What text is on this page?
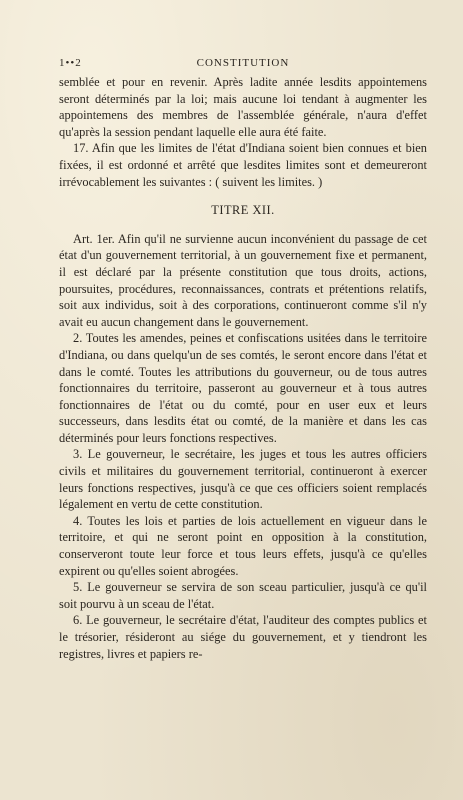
1••2	CONSTITUTION

semblée et pour en revenir. Après ladite année lesdits appointemens seront déterminés par la loi; mais aucune loi tendant à augmenter les appointemens des membres de l'assemblée générale, n'aura d'effet qu'après la session pendant laquelle elle aura été faite.

17. Afin que les limites de l'état d'Indiana soient bien connues et bien fixées, il est ordonné et arrêté que lesdites limites sont et demeureront irrévocablement les suivantes : ( suivent les limites. )

TITRE XII.

Art. 1er. Afin qu'il ne survienne aucun inconvénient du passage de cet état d'un gouvernement territorial, à un gouvernement fixe et permanent, il est déclaré par la présente constitution que tous droits, actions, poursuites, procédures, reconnaissances, contrats et prétentions relatifs, soit aux individus, soit à des corporations, continueront comme s'il n'y avait eu aucun changement dans le gouvernement.

2. Toutes les amendes, peines et confiscations usitées dans le territoire d'Indiana, ou dans quelqu'un de ses comtés, le seront encore dans l'état et dans le comté. Toutes les attributions du gouverneur, ou de tous autres fonctionnaires du territoire, passeront au gouverneur et à tous autres fonctionnaires de l'état ou du comté, pour en user eux et leurs successeurs, dans lesdits état ou comté, de la manière et dans les cas déterminés pour leurs fonctions respectives.

3. Le gouverneur, le secrétaire, les juges et tous les autres officiers civils et militaires du gouvernement territorial, continueront à exercer leurs fonctions respectives, jusqu'à ce que ces officiers soient remplacés légalement en vertu de cette constitution.

4. Toutes les lois et parties de lois actuellement en vigueur dans le territoire, et qui ne seront point en opposition à la constitution, conserveront toute leur force et tous leurs effets, jusqu'à ce qu'elles expirent ou qu'elles soient abrogées.

5. Le gouverneur se servira de son sceau particulier, jusqu'à ce qu'il soit pourvu à un sceau de l'état.

6. Le gouverneur, le secrétaire d'état, l'auditeur des comptes publics et le trésorier, résideront au siége du gouvernement, et y tiendront les registres, livres et papiers re-
